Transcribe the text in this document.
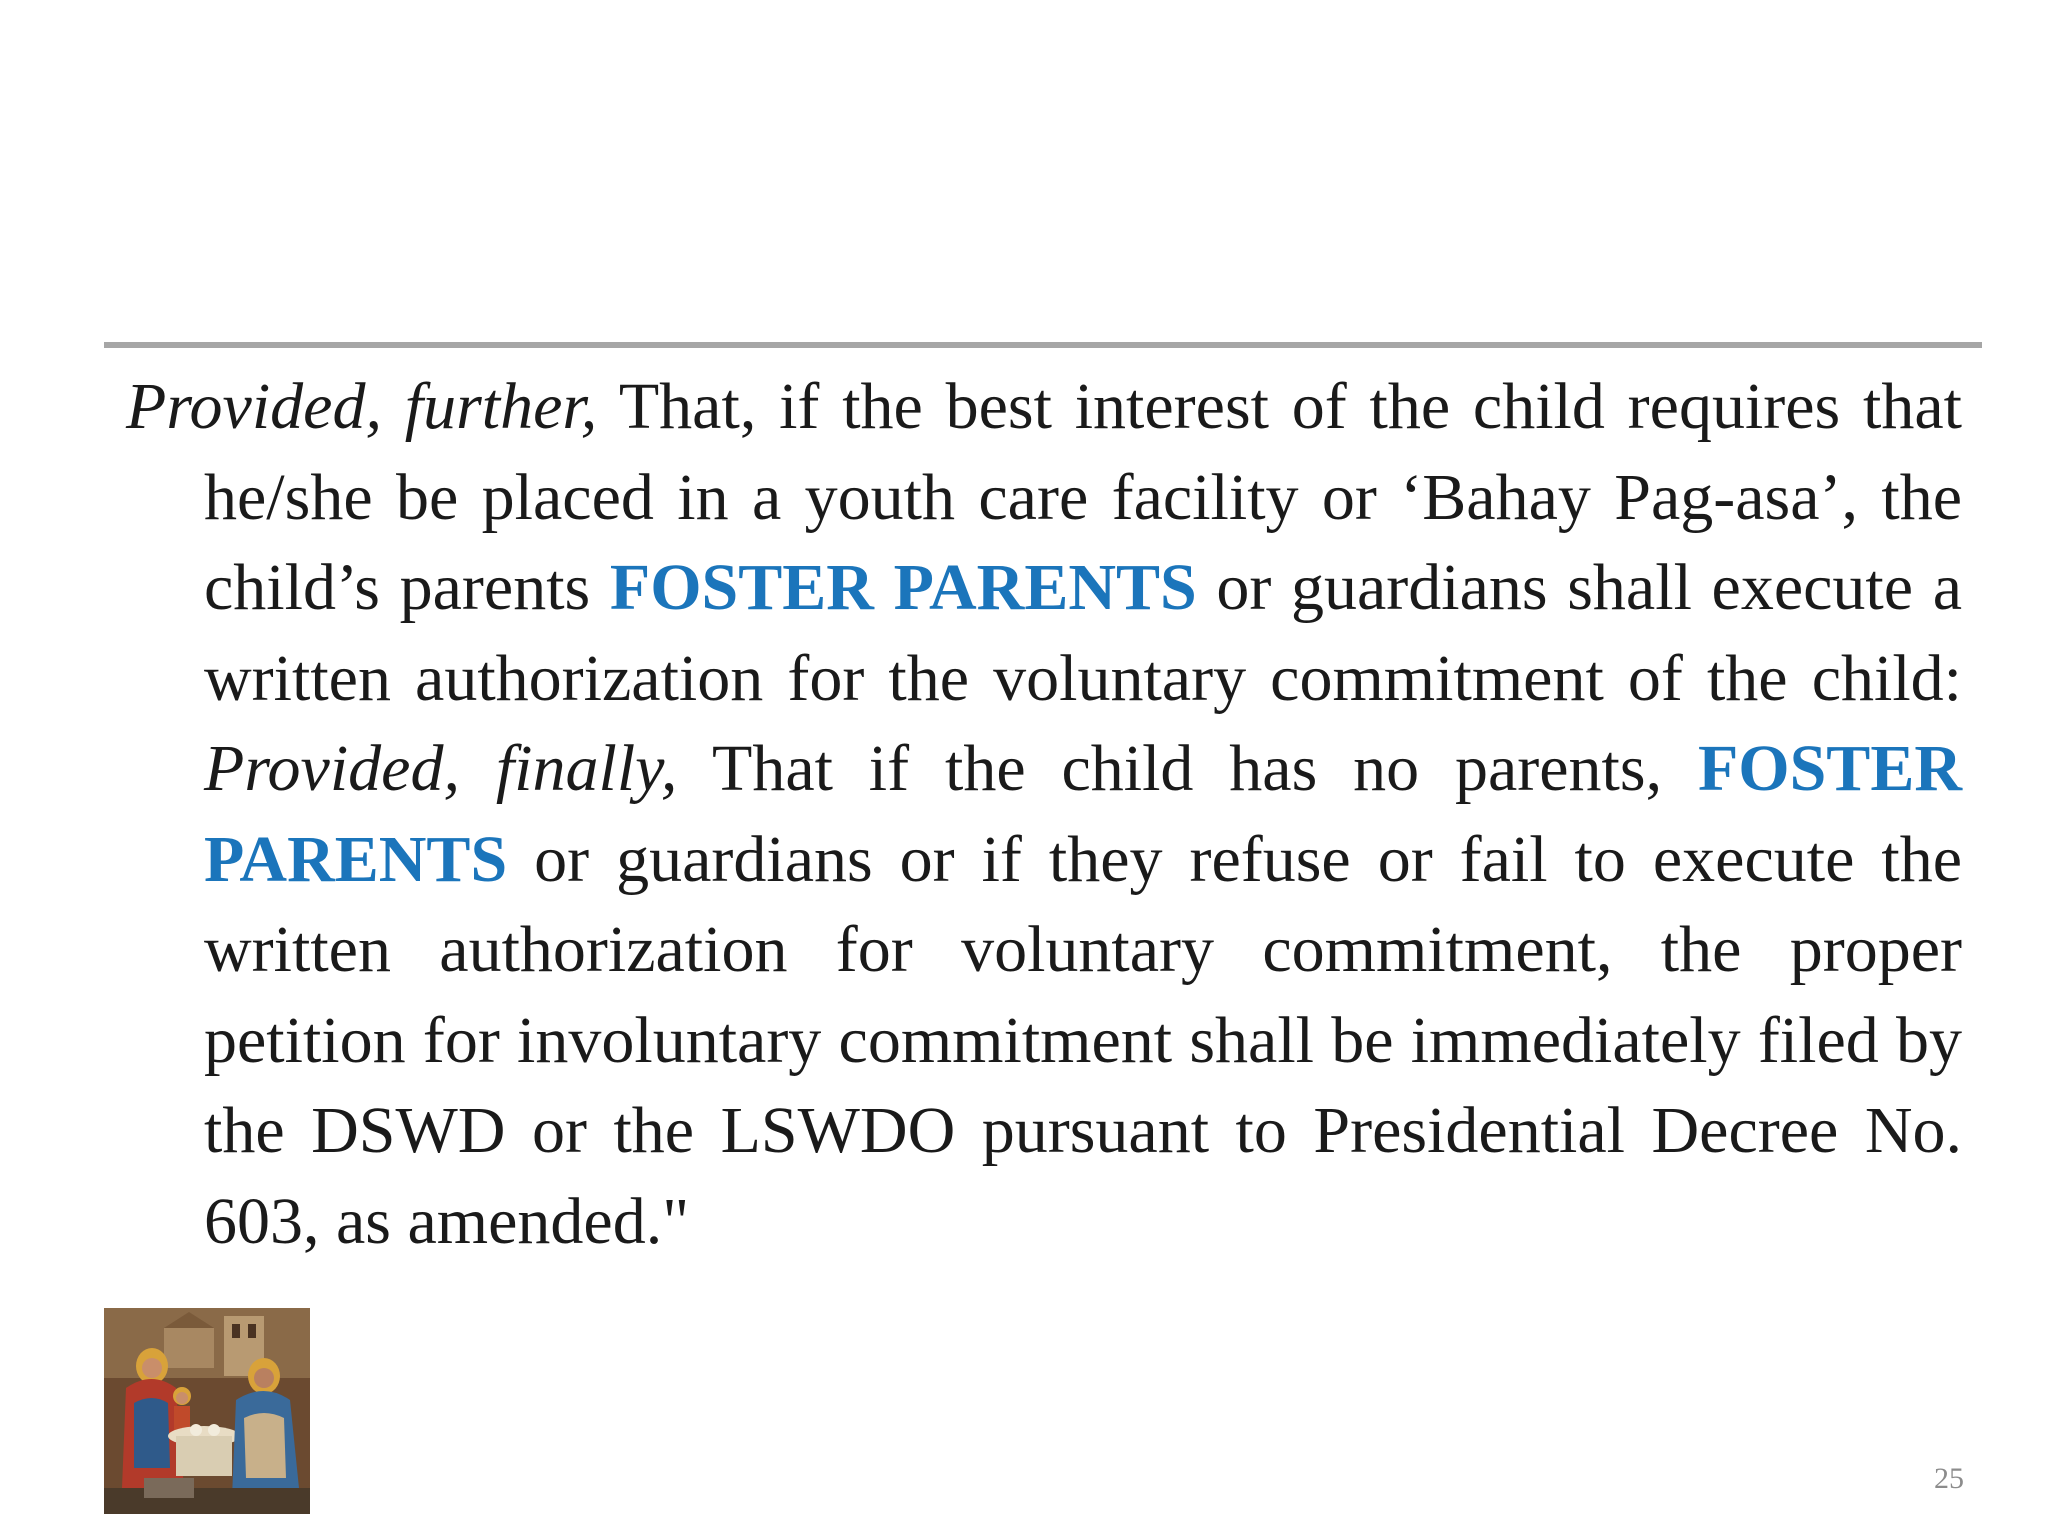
Provided, further, That, if the best interest of the child requires that he/she be placed in a youth care facility or ‘Bahay Pag-asa’, the child’s parents FOSTER PARENTS or guardians shall execute a written authorization for the voluntary commitment of the child: Provided, finally, That if the child has no parents, FOSTER PARENTS or guardians or if they refuse or fail to execute the written authorization for voluntary commitment, the proper petition for involuntary commitment shall be immediately filed by the DSWD or the LSWDO pursuant to Presidential Decree No. 603, as amended."

25
